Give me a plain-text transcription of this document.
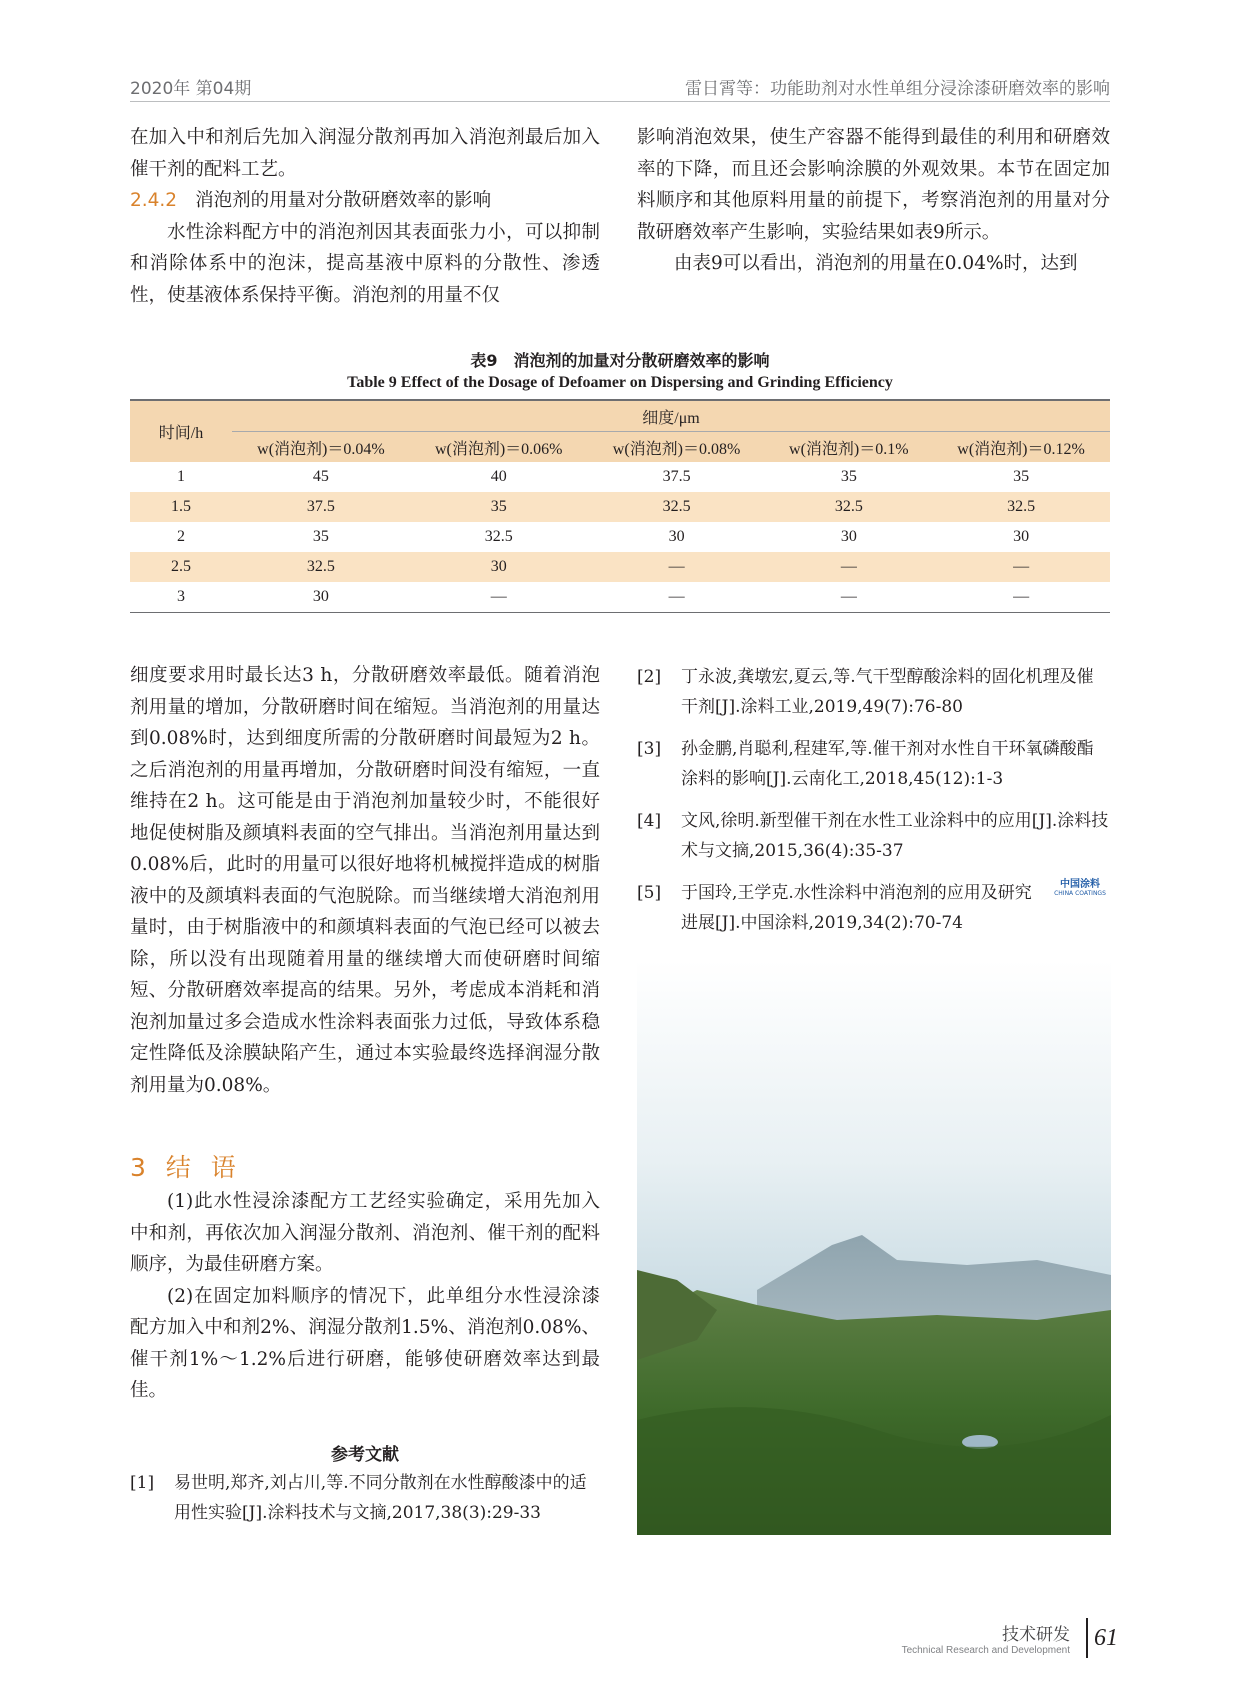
2020年 第04期	雷日霄等：功能助剂对水性单组分浸涂漆研磨效率的影响

在加入中和剂后先加入润湿分散剂再加入消泡剂最后加入催干剂的配料工艺。

2.4.2 消泡剂的用量对分散研磨效率的影响

水性涂料配方中的消泡剂因其表面张力小，可以抑制和消除体系中的泡沫，提高基液中原料的分散性、渗透性，使基液体系保持平衡。消泡剂的用量不仅

影响消泡效果，使生产容器不能得到最佳的利用和研磨效率的下降，而且还会影响涂膜的外观效果。本节在固定加料顺序和其他原料用量的前提下，考察消泡剂的用量对分散研磨效率产生影响，实验结果如表9所示。

由表9可以看出，消泡剂的用量在0.04%时，达到

表9　消泡剂的加量对分散研磨效率的影响
Table 9 Effect of the Dosage of Defoamer on Dispersing and Grinding Efficiency
时间/h	细度/μm				
	w(消泡剂)＝0.04%	w(消泡剂)＝0.06%	w(消泡剂)＝0.08%	w(消泡剂)＝0.1%	w(消泡剂)＝0.12%
1	45	40	37.5	35	35
1.5	37.5	35	32.5	32.5	32.5
2	35	32.5	30	30	30
2.5	32.5	30	—	—	—
3	30	—	—	—	—

细度要求用时最长达3 h，分散研磨效率最低。随着消泡剂用量的增加，分散研磨时间在缩短。当消泡剂的用量达到0.08%时，达到细度所需的分散研磨时间最短为2 h。之后消泡剂的用量再增加，分散研磨时间没有缩短，一直维持在2 h。这可能是由于消泡剂加量较少时，不能很好地促使树脂及颜填料表面的空气排出。当消泡剂用量达到0.08%后，此时的用量可以很好地将机械搅拌造成的树脂液中的及颜填料表面的气泡脱除。而当继续增大消泡剂用量时，由于树脂液中的和颜填料表面的气泡已经可以被去除，所以没有出现随着用量的继续增大而使研磨时间缩短、分散研磨效率提高的结果。另外，考虑成本消耗和消泡剂加量过多会造成水性涂料表面张力过低，导致体系稳定性降低及涂膜缺陷产生，通过本实验最终选择润湿分散剂用量为0.08%。

3 结 语

(1)此水性浸涂漆配方工艺经实验确定，采用先加入中和剂，再依次加入润湿分散剂、消泡剂、催干剂的配料顺序，为最佳研磨方案。

(2)在固定加料顺序的情况下，此单组分水性浸涂漆配方加入中和剂2%、润湿分散剂1.5%、消泡剂0.08%、催干剂1%～1.2%后进行研磨，能够使研磨效率达到最佳。

参考文献
[1]	易世明,郑齐,刘占川,等.不同分散剂在水性醇酸漆中的适用性实验[J].涂料技术与文摘,2017,38(3):29-33
[2]	丁永波,龚墩宏,夏云,等.气干型醇酸涂料的固化机理及催干剂[J].涂料工业,2019,49(7):76-80
[3]	孙金鹏,肖聪利,程建军,等.催干剂对水性自干环氧磷酸酯涂料的影响[J].云南化工,2018,45(12):1-3
[4]	文风,徐明.新型催干剂在水性工业涂料中的应用[J].涂料技术与文摘,2015,36(4):35-37
[5]	于国玲,王学克.水性涂料中消泡剂的应用及研究进展[J].中国涂料,2019,34(2):70-74
中国涂料
CHINA COATINGS
技术研发
Technical Research and Development	61
